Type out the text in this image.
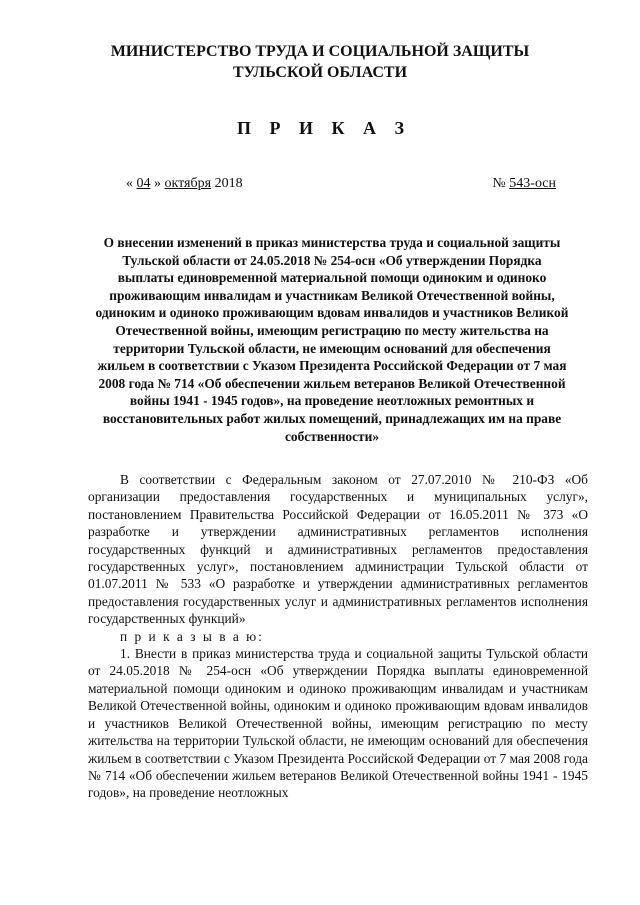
МИНИСТЕРСТВО ТРУДА И СОЦИАЛЬНОЙ ЗАЩИТЫ
ТУЛЬСКОЙ ОБЛАСТИ
П Р И К А З
« 04 » октября 2018	№ 543-осн
О внесении изменений в приказ министерства труда и социальной защиты Тульской области от 24.05.2018 № 254-осн «Об утверждении Порядка выплаты единовременной материальной помощи одиноким и одиноко проживающим инвалидам и участникам Великой Отечественной войны, одиноким и одиноко проживающим вдовам инвалидов и участников Великой Отечественной войны, имеющим регистрацию по месту жительства на территории Тульской области, не имеющим оснований для обеспечения жильем в соответствии с Указом Президента Российской Федерации от 7 мая 2008 года № 714 «Об обеспечении жильем ветеранов Великой Отечественной войны 1941 - 1945 годов», на проведение неотложных ремонтных и восстановительных работ жилых помещений, принадлежащих им на праве собственности»

В соответствии с Федеральным законом от 27.07.2010 № 210-ФЗ «Об организации предоставления государственных и муниципальных услуг», постановлением Правительства Российской Федерации от 16.05.2011 № 373 «О разработке и утверждении административных регламентов исполнения государственных функций и административных регламентов предоставления государственных услуг», постановлением администрации Тульской области от 01.07.2011 № 533 «О разработке и утверждении административных регламентов предоставления государственных услуг и административных регламентов исполнения государственных функций»

п р и к а з ы в а ю:

1. Внести в приказ министерства труда и социальной защиты Тульской области от 24.05.2018 № 254-осн «Об утверждении Порядка выплаты единовременной материальной помощи одиноким и одиноко проживающим инвалидам и участникам Великой Отечественной войны, одиноким и одиноко проживающим вдовам инвалидов и участников Великой Отечественной войны, имеющим регистрацию по месту жительства на территории Тульской области, не имеющим оснований для обеспечения жильем в соответствии с Указом Президента Российской Федерации от 7 мая 2008 года № 714 «Об обеспечении жильем ветеранов Великой Отечественной войны 1941 - 1945 годов», на проведение неотложных
